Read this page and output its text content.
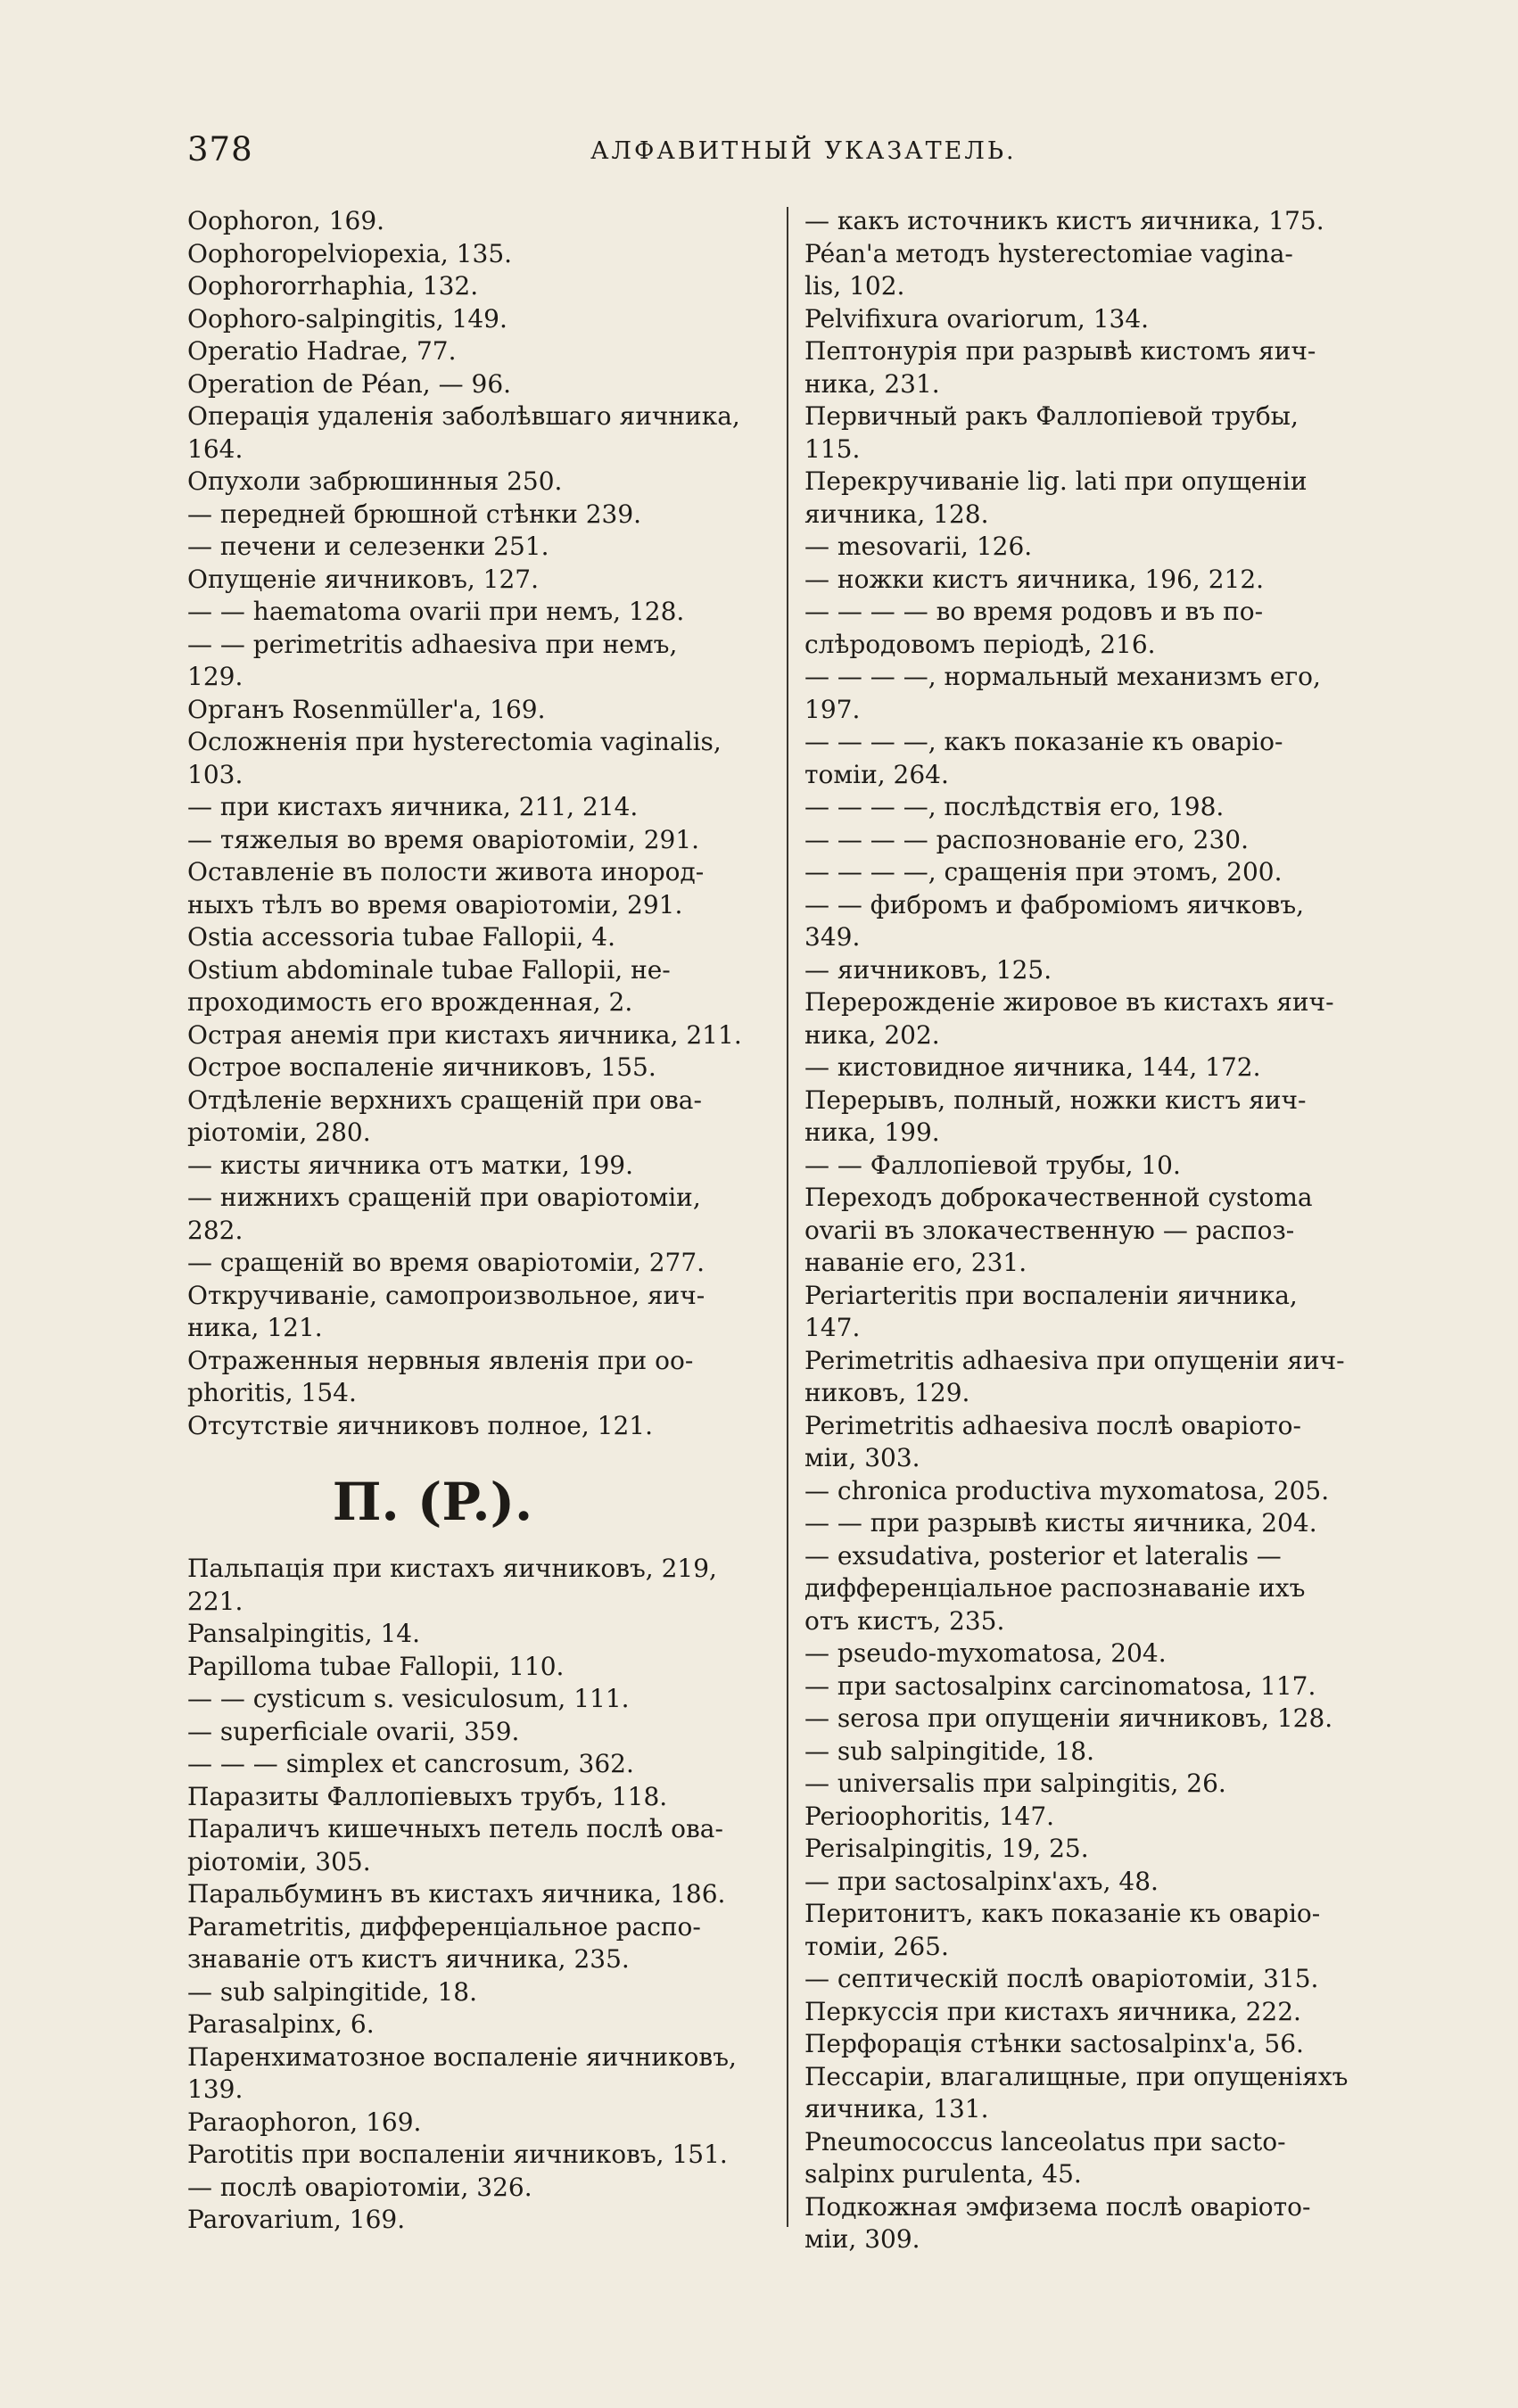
378	АЛФАВИТНЫЙ УКАЗАТЕЛЬ.
Oophoron, 169.
Oophoropelviopexia, 135.
Oophororrhaphia, 132.
Oophoro-salpingitis, 149.
Operatio Hadrae, 77.
Operation de Péan, — 96.
Операція удаленія заболѣвшаго яичника,
164.
Опухоли забрюшинныя 250.
— передней брюшной стѣнки 239.
— печени и селезенки 251.
Опущеніе яичниковъ, 127.
— — haematoma ovarii при немъ, 128.
— — perimetritis adhaesiva при немъ,
129.
Органъ Rosenmüller'a, 169.
Осложненія при hysterectomia vaginalis,
103.
— при кистахъ яичника, 211, 214.
— тяжелыя во время оваріотоміи, 291.
Оставленіе въ полости живота инород-
ныхъ тѣлъ во время оваріотоміи, 291.
Ostia accessoria tubae Fallopii, 4.
Ostium abdominale tubae Fallopii, не-
проходимость его врожденная, 2.
Острая анемія при кистахъ яичника, 211.
Острое воспаленіе яичниковъ, 155.
Отдѣленіе верхнихъ сращеній при ова-
ріотоміи, 280.
— кисты яичника отъ матки, 199.
— нижнихъ сращеній при оваріотоміи,
282.
— сращеній во время оваріотоміи, 277.
Откручиваніе, самопроизвольное, яич-
ника, 121.
Отраженныя нервныя явленія при оо-
phoritis, 154.
Отсутствіе яичниковъ полное, 121.
П. (P.).
Пальпація при кистахъ яичниковъ, 219,
221.
Pansalpingitis, 14.
Papilloma tubae Fallopii, 110.
— — cysticum s. vesiculosum, 111.
— superficiale ovarii, 359.
— — — simplex et cancrosum, 362.
Паразиты Фаллопіевыхъ трубъ, 118.
Параличъ кишечныхъ петель послѣ ова-
ріотоміи, 305.
Паральбуминъ въ кистахъ яичника, 186.
Parametritis, дифференціальное распо-
знаваніе отъ кистъ яичника, 235.
— sub salpingitide, 18.
Parasalpinx, 6.
Паренхиматозное воспаленіе яичниковъ,
139.
Paraophoron, 169.
Parotitis при воспаленіи яичниковъ, 151.
— послѣ оваріотоміи, 326.
Parovarium, 169.
— какъ источникъ кистъ яичника, 175.
Péan'a методъ hysterectomiae vagina-
lis, 102.
Pelvifixura ovariorum, 134.
Пептонурія при разрывѣ кистомъ яич-
ника, 231.
Первичный ракъ Фаллопіевой трубы,
115.
Перекручиваніе lig. lati при опущеніи
яичника, 128.
— mesovarii, 126.
— ножки кистъ яичника, 196, 212.
— — — — во время родовъ и въ по-
слѣродовомъ періодѣ, 216.
— — — —, нормальный механизмъ его,
197.
— — — —, какъ показаніе къ оваріо-
томіи, 264.
— — — —, послѣдствія его, 198.
— — — — распознованіе его, 230.
— — — —, сращенія при этомъ, 200.
— — фибромъ и фаброміомъ яичковъ,
349.
— яичниковъ, 125.
Перерожденіе жировое въ кистахъ яич-
ника, 202.
— кистовидное яичника, 144, 172.
Перерывъ, полный, ножки кистъ яич-
ника, 199.
— — Фаллопіевой трубы, 10.
Переходъ доброкачественной cystoma
ovarii въ злокачественную — распоз-
наваніе его, 231.
Periarteritis при воспаленіи яичника,
147.
Perimetritis adhaesiva при опущеніи яич-
никовъ, 129.
Perimetritis adhaesiva послѣ оваріото-
міи, 303.
— chronica productiva myxomatosa, 205.
— — при разрывѣ кисты яичника, 204.
— exsudativa, posterior et lateralis —
дифференціальное распознаваніе ихъ
отъ кистъ, 235.
— pseudo-myxomatosa, 204.
— при sactosalpinx carcinomatosa, 117.
— serosa при опущеніи яичниковъ, 128.
— sub salpingitide, 18.
— universalis при salpingitis, 26.
Perioophoritis, 147.
Perisalpingitis, 19, 25.
— при sactosalpinx'ахъ, 48.
Перитонитъ, какъ показаніе къ оваріо-
томіи, 265.
— септическій послѣ оваріотоміи, 315.
Перкуссія при кистахъ яичника, 222.
Перфорація стѣнки sactosalpinx'a, 56.
Пессаріи, влагалищные, при опущеніяхъ
яичника, 131.
Pneumococcus lanceolatus при sacto-
salpinx purulenta, 45.
Подкожная эмфизема послѣ оваріото-
міи, 309.
